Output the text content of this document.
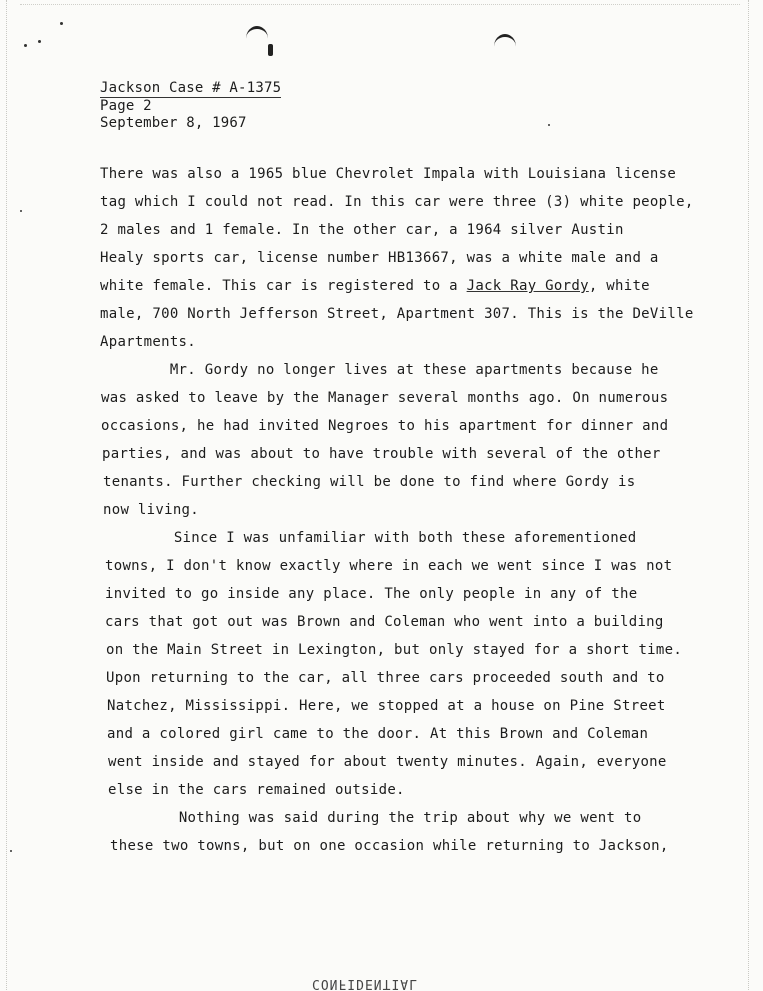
Jackson Case # A-1375
Page 2
September 8, 1967
There was also a 1965 blue Chevrolet Impala with Louisiana license
tag which I could not read. In this car were three (3) white people,
2 males and 1 female. In the other car, a 1964 silver Austin
Healy sports car, license number HB13667, was a white male and a
white female. This car is registered to a Jack Ray Gordy, white
male, 700 North Jefferson Street, Apartment 307. This is the DeVille
Apartments.
Mr. Gordy no longer lives at these apartments because he
was asked to leave by the Manager several months ago. On numerous
occasions, he had invited Negroes to his apartment for dinner and
parties, and was about to have trouble with several of the other
tenants. Further checking will be done to find where Gordy is
now living.
Since I was unfamiliar with both these aforementioned
towns, I don't know exactly where in each we went since I was not
invited to go inside any place. The only people in any of the
cars that got out was Brown and Coleman who went into a building
on the Main Street in Lexington, but only stayed for a short time.
Upon returning to the car, all three cars proceeded south and to
Natchez, Mississippi. Here, we stopped at a house on Pine Street
and a colored girl came to the door. At this Brown and Coleman
went inside and stayed for about twenty minutes. Again, everyone
else in the cars remained outside.
Nothing was said during the trip about why we went to
these two towns, but on one occasion while returning to Jackson,
CONFIDENTIAL
